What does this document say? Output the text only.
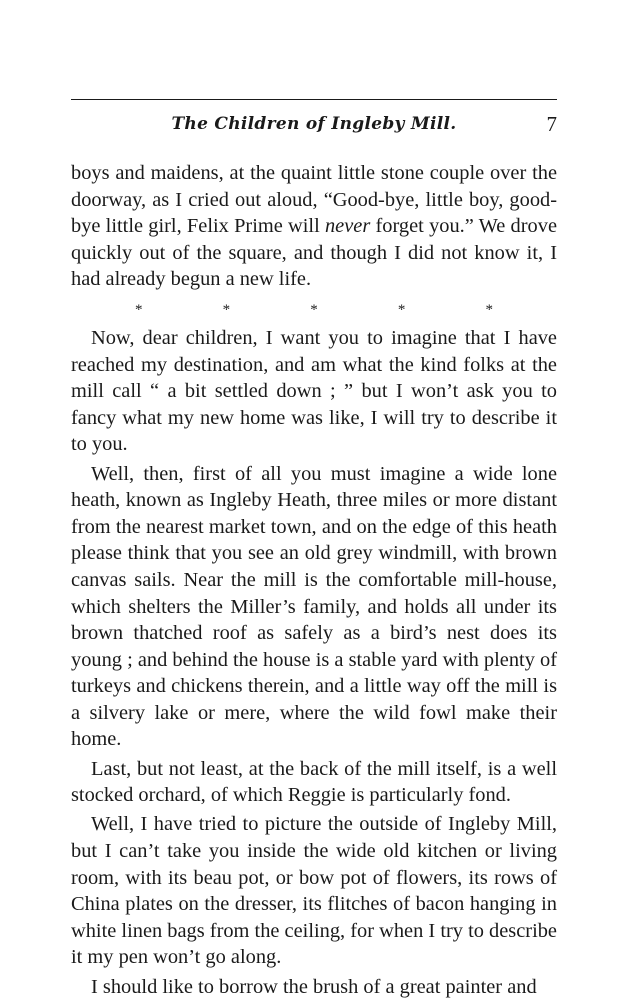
The Children of Ingleby Mill.	7

boys and maidens, at the quaint little stone couple over the doorway, as I cried out aloud, “Good-bye, little boy, good-bye little girl, Felix Prime will never forget you.” We drove quickly out of the square, and though I did not know it, I had already begun a new life.

*	*	*	*	*

Now, dear children, I want you to imagine that I have reached my destination, and am what the kind folks at the mill call “ a bit settled down ; ” but I won’t ask you to fancy what my new home was like, I will try to describe it to you.

Well, then, first of all you must imagine a wide lone heath, known as Ingleby Heath, three miles or more distant from the nearest market town, and on the edge of this heath please think that you see an old grey windmill, with brown canvas sails. Near the mill is the comfortable mill-house, which shelters the Miller’s family, and holds all under its brown thatched roof as safely as a bird’s nest does its young ; and behind the house is a stable yard with plenty of turkeys and chickens therein, and a little way off the mill is a silvery lake or mere, where the wild fowl make their home.

Last, but not least, at the back of the mill itself, is a well stocked orchard, of which Reggie is particularly fond.

Well, I have tried to picture the outside of Ingleby Mill, but I can’t take you inside the wide old kitchen or living room, with its beau pot, or bow pot of flowers, its rows of China plates on the dresser, its flitches of bacon hanging in white linen bags from the ceiling, for when I try to describe it my pen won’t go along.

I should like to borrow the brush of a great painter and
